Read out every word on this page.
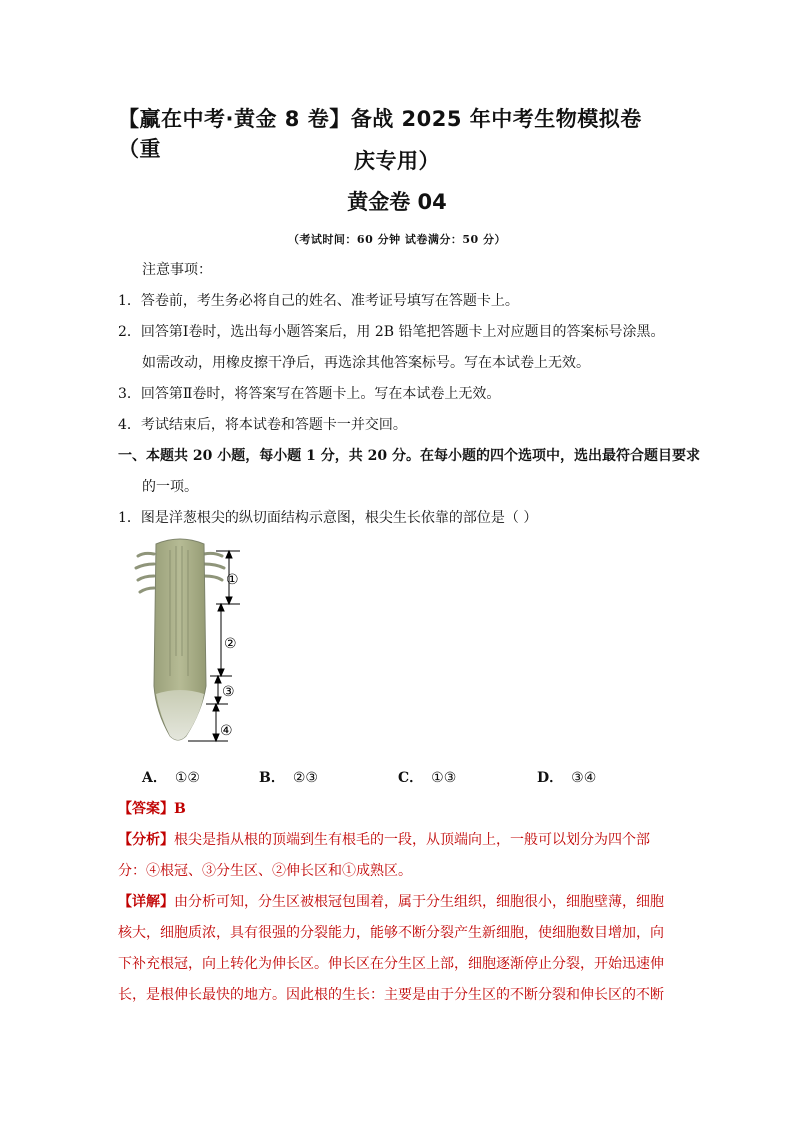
【赢在中考·黄金 8 卷】备战 2025 年中考生物模拟卷（重	庆专用）
黄金卷 04
（考试时间：60 分钟 试卷满分：50 分）
注意事项：
1．答卷前，考生务必将自己的姓名、准考证号填写在答题卡上。
2．回答第Ⅰ卷时，选出每小题答案后，用 2B 铅笔把答题卡上对应题目的答案标号涂黑。
如需改动，用橡皮擦干净后，再选涂其他答案标号。写在本试卷上无效。
3．回答第Ⅱ卷时，将答案写在答题卡上。写在本试卷上无效。
4．考试结束后，将本试卷和答题卡一并交回。
一、本题共 20 小题，每小题 1 分，共 20 分。在每小题的四个选项中，选出最符合题目要求
的一项。
1．图是洋葱根尖的纵切面结构示意图，根尖生长依靠的部位是（ ）
①
②
③
④
A． ①②	B． ②③	C． ①③	D． ③④
【答案】B
【分析】根尖是指从根的顶端到生有根毛的一段，从顶端向上，一般可以划分为四个部
分：④根冠、③分生区、②伸长区和①成熟区。
【详解】由分析可知，分生区被根冠包围着，属于分生组织，细胞很小，细胞壁薄，细胞
核大，细胞质浓，具有很强的分裂能力，能够不断分裂产生新细胞，使细胞数目增加，向
下补充根冠，向上转化为伸长区。伸长区在分生区上部，细胞逐渐停止分裂，开始迅速伸
长，是根伸长最快的地方。因此根的生长：主要是由于分生区的不断分裂和伸长区的不断
